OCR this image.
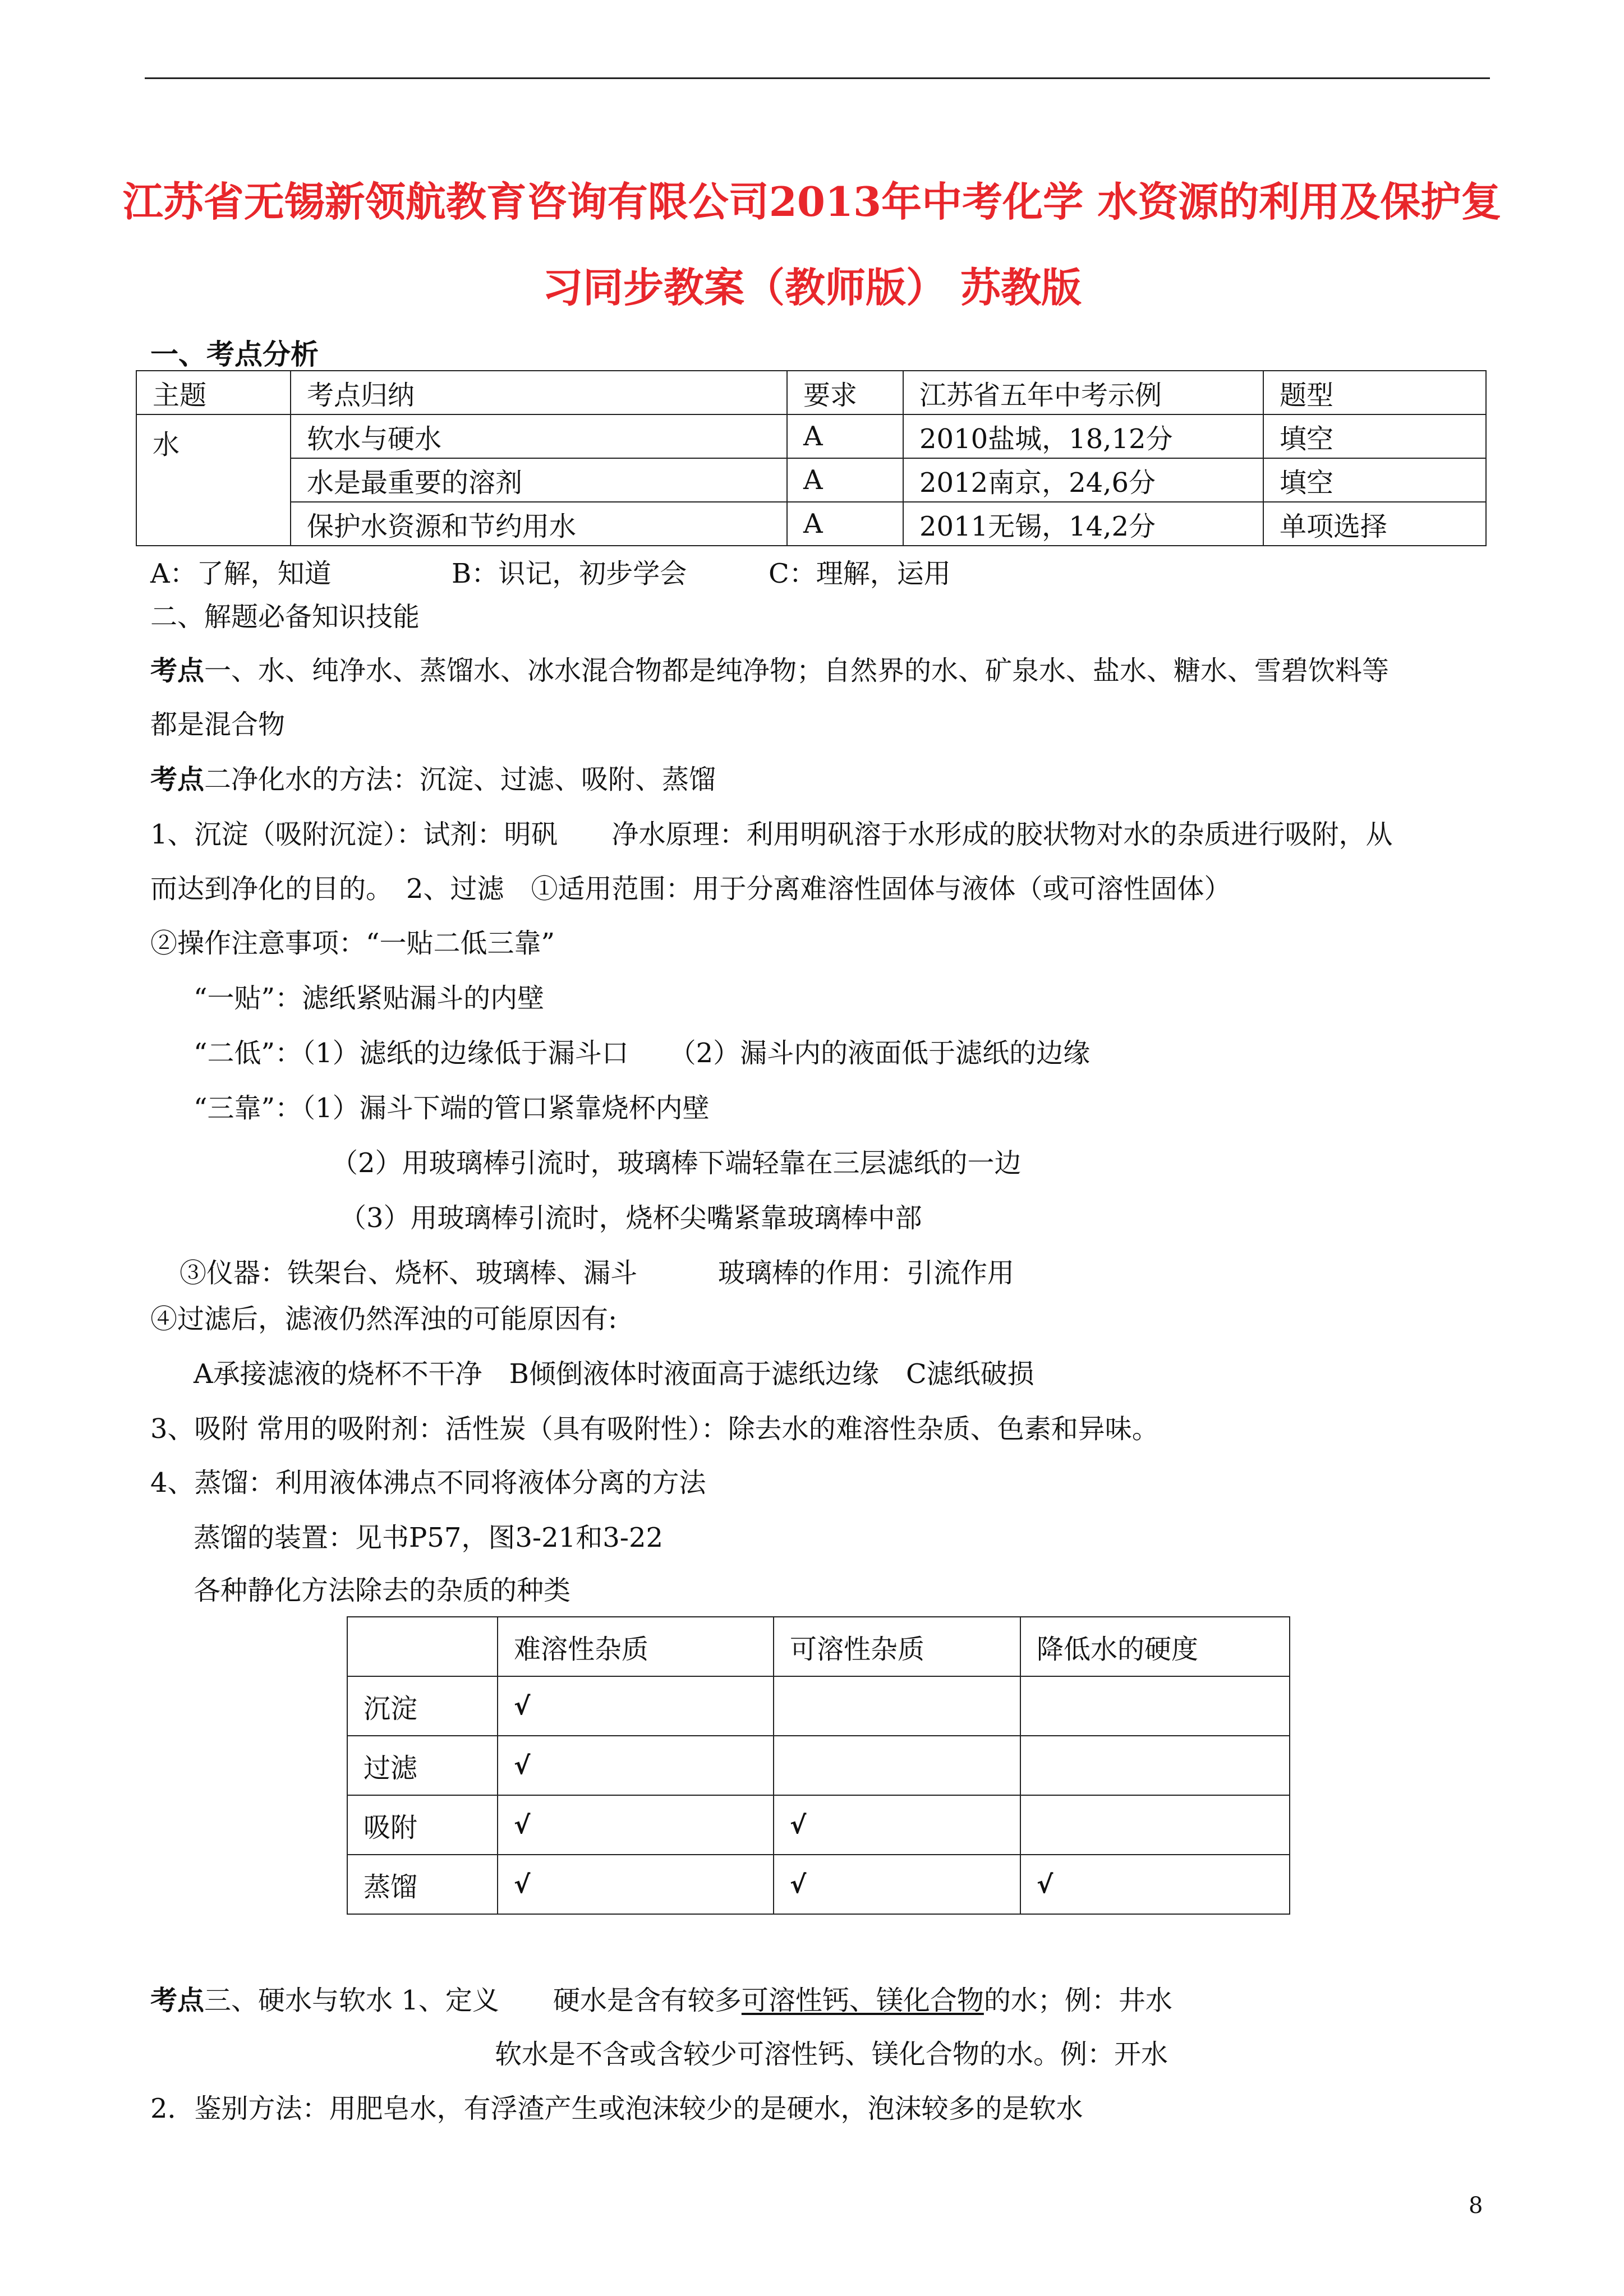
江苏省无锡新领航教育咨询有限公司2013年中考化学 水资源的利用及保护复
习同步教案（教师版） 苏教版
一、考点分析
主题	考点归纳	要求	江苏省五年中考示例	题型
水	软水与硬水	A	2010盐城，18,12分	填空
	水是最重要的溶剂	A	2012南京，24,6分	填空
	保护水资源和节约用水	A	2011无锡，14,2分	单项选择
A：了解，知道	B：识记，初步学会	C：理解，运用
二、解题必备知识技能
考点一、水、纯净水、蒸馏水、冰水混合物都是纯净物；自然界的水、矿泉水、盐水、糖水、雪碧饮料等
都是混合物
考点二净化水的方法：沉淀、过滤、吸附、蒸馏
1、沉淀（吸附沉淀）：试剂：明矾　　净水原理：利用明矾溶于水形成的胶状物对水的杂质进行吸附，从
而达到净化的目的。　2、过滤　①适用范围：用于分离难溶性固体与液体（或可溶性固体）
②操作注意事项：“一贴二低三靠”
“一贴”：滤纸紧贴漏斗的内壁
“二低”：（1）滤纸的边缘低于漏斗口　　（2）漏斗内的液面低于滤纸的边缘
“三靠”：（1）漏斗下端的管口紧靠烧杯内壁
（2）用玻璃棒引流时，玻璃棒下端轻靠在三层滤纸的一边
（3）用玻璃棒引流时，烧杯尖嘴紧靠玻璃棒中部
③仪器：铁架台、烧杯、玻璃棒、漏斗　　　玻璃棒的作用：引流作用
④过滤后，滤液仍然浑浊的可能原因有:
A承接滤液的烧杯不干净　B倾倒液体时液面高于滤纸边缘　C滤纸破损
3、吸附 常用的吸附剂：活性炭（具有吸附性）：除去水的难溶性杂质、色素和异味。
4、蒸馏：利用液体沸点不同将液体分离的方法
蒸馏的装置：见书P57，图3-21和3-22
各种静化方法除去的杂质的种类
	难溶性杂质	可溶性杂质	降低水的硬度
沉淀	√		
过滤	√		
吸附	√	√	
蒸馏	√	√	√
考点三、硬水与软水 1、定义　　硬水是含有较多可溶性钙、镁化合物的水；例：井水
软水是不含或含较少可溶性钙、镁化合物的水。例：开水
2．鉴别方法：用肥皂水，有浮渣产生或泡沫较少的是硬水，泡沫较多的是软水
8
